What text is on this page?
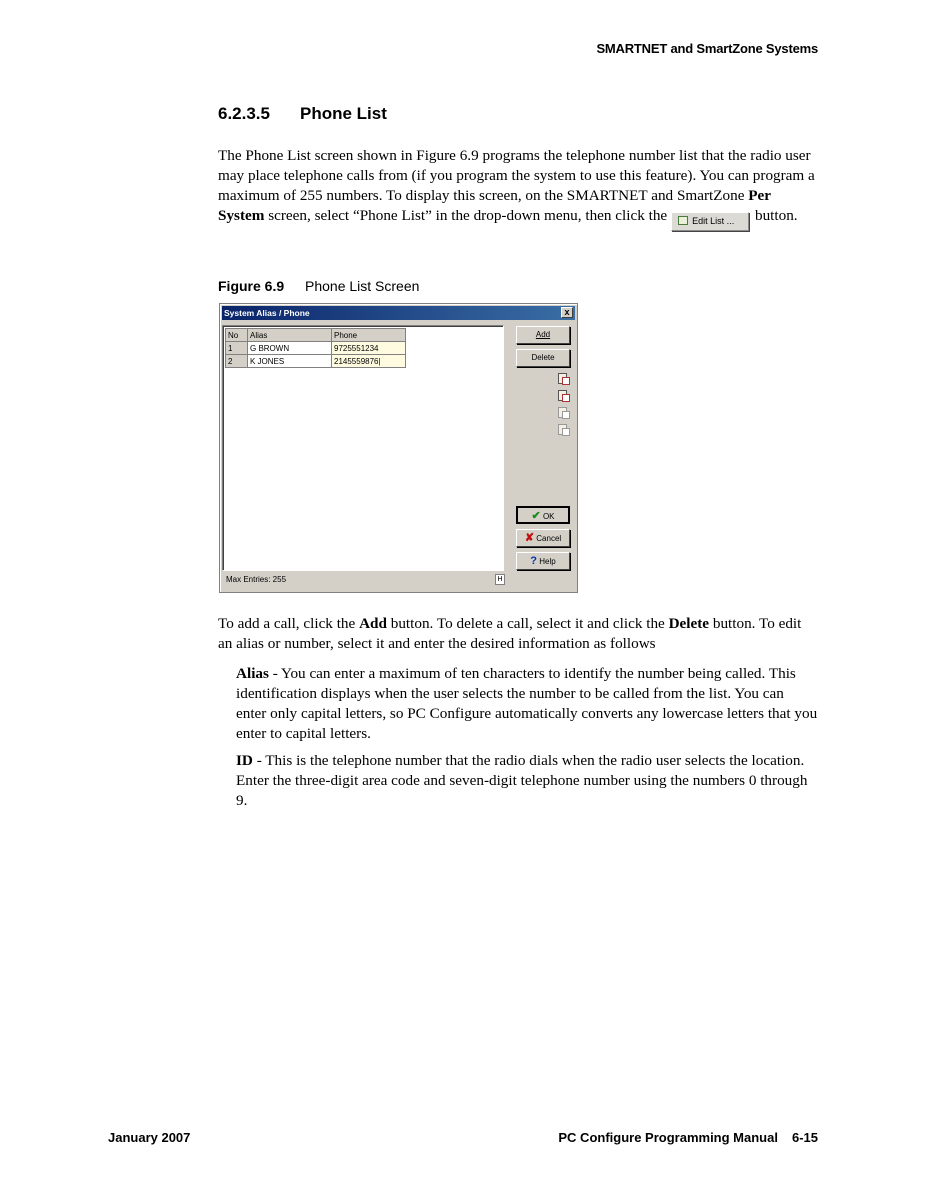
SMARTNET and SmartZone Systems
6.2.3.5 Phone List
The Phone List screen shown in Figure 6.9 programs the telephone number list that the radio user may place telephone calls from (if you program the system to use this feature). You can program a maximum of 255 numbers. To display this screen, on the SMARTNET and SmartZone Per System screen, select “Phone List” in the drop-down menu, then click the	Edit List ... button.
Figure 6.9 Phone List Screen
System Alias / Phone	x
No	Alias	Phone
1	G BROWN	9725551234
2	K JONES	2145559876|
Add
Delete
✔ OK
✘ Cancel
? Help
Max Entries: 255	H
To add a call, click the Add button. To delete a call, select it and click the Delete button. To edit an alias or number, select it and enter the desired information as follows
Alias - You can enter a maximum of ten characters to identify the number being called. This identification displays when the user selects the number to be called from the list. You can enter only capital letters, so PC Configure automatically converts any lowercase letters that you enter to capital letters.
ID - This is the telephone number that the radio dials when the radio user selects the location. Enter the three-digit area code and seven-digit telephone number using the numbers 0 through 9.
January 2007	PC Configure Programming Manual 6-15
